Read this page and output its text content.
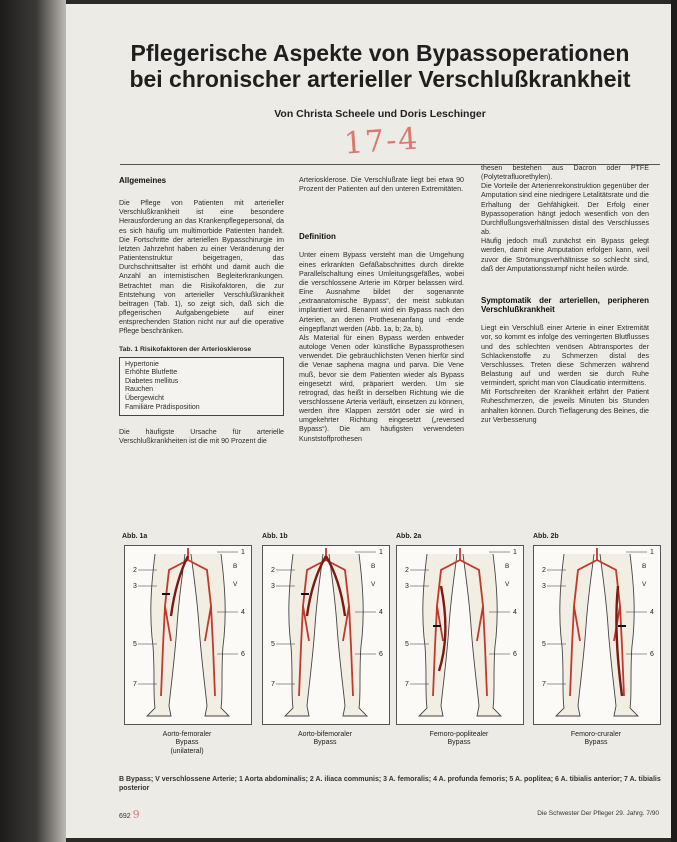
Pflegerische Aspekte von Bypassoperationen
bei chronischer arterieller Verschlußkrankheit
Von Christa Scheele und Doris Leschinger
17-4

Allgemeines

Die Pflege von Patienten mit arterieller Verschlußkrankheit ist eine besondere Herausforderung an das Krankenpflegepersonal, da es sich häufig um multimorbide Patienten handelt. Die Fortschritte der arteriellen Bypasschirurgie im letzten Jahrzehnt haben zu einer Veränderung der Patientenstruktur beigetragen, das Durchschnittsalter ist erhöht und damit auch die Anzahl an internistischen Begleiterkrankungen. Betrachtet man die Risikofaktoren, die zur Entstehung von arterieller Verschlußkrankheit beitragen (Tab. 1), so zeigt sich, daß sich die pflegerischen Aufgabengebiete auf einer entsprechenden Station nicht nur auf die operative Pflege beschränken.

Tab. 1 Risikofaktoren der Arteriosklerose
Hypertonie
Erhöhte Blutfette
Diabetes mellitus
Rauchen
Übergewicht
Familiäre Prädisposition

Die häufigste Ursache für arterielle Verschlußkrankheiten ist die mit 90 Prozent die

Arteriosklerose. Die Verschlußrate liegt bei etwa 90 Prozent der Patienten auf den unteren Extremitäten.

Definition

Unter einem Bypass versteht man die Umgehung eines erkrankten Gefäßabschnittes durch direkte Parallelschaltung eines Umleitungsgefäßes, wobei die verschlossene Arterie im Körper belassen wird. Eine Ausnahme bildet der sogenannte „extraanatomische Bypass“, der meist subkutan implantiert wird. Benannt wird ein Bypass nach den Arterien, an denen Prothesenanfang und -ende eingepflanzt werden (Abb. 1a, b; 2a, b).

Als Material für einen Bypass werden entweder autologe Venen oder künstliche Bypassprothesen verwendet. Die gebräuchlichsten Venen hierfür sind die Venae saphena magna und parva. Die Vene muß, bevor sie dem Patienten wieder als Bypass eingesetzt wird, präpariert werden. Um sie retrograd, das heißt in derselben Richtung wie die verschlossene Arteria verläuft, einsetzen zu können, werden ihre Klappen zerstört oder sie wird in umgekehrter Richtung eingesetzt („reversed Bypass“). Die am häufigsten verwendeten Kunststoffprothesen

thesen bestehen aus Dacron oder PTFE (Polytetrafluorethylen).

Die Vorteile der Arterienrekonstruktion gegenüber der Amputation sind eine niedrigere Letalitätsrate und die Erhaltung der Gehfähigkeit. Der Erfolg einer Bypassoperation hängt jedoch wesentlich von den Durchflußungsverhältnissen distal des Verschlusses ab.

Häufig jedoch muß zunächst ein Bypass gelegt werden, damit eine Amputation erfolgen kann, weil zuvor die Strömungsverhältnisse so schlecht sind, daß der Amputationsstumpf nicht heilen würde.

Symptomatik der arteriellen, peripheren Verschlußkrankheit

Liegt ein Verschluß einer Arterie in einer Extremität vor, so kommt es infolge des verringerten Blutflusses und des schlechten venösen Abtransportes der Schlackenstoffe zu Schmerzen distal des Verschlusses. Treten diese Schmerzen während Belastung auf und werden sie durch Ruhe vermindert, spricht man von Claudicatio intermittens.

Mit Fortschreiten der Krankheit erfährt der Patient Ruheschmerzen, die jeweils Minuten bis Stunden anhalten können. Durch Tieflagerung des Beines, die zur Verbesserung

Abb. 1a	Abb. 1b	Abb. 2a	Abb. 2b
1
2
3
4
5
6
7
B
V
1
2
3
4
5
6
7
B
V
1
2
3
4
5
6
7
B
V
1
2
3
4
5
6
7
B
V
Aorto-femoraler
Bypass
(unilateral)
Aorto-bifemoraler
Bypass
Femoro-poplitealer
Bypass
Femoro-cruraler
Bypass
B Bypass; V verschlossene Arterie; 1 Aorta abdominalis; 2 A. iliaca communis; 3 A. femoralis; 4 A. profunda femoris; 5 A. poplitea; 6 A. tibialis anterior; 7 A. tibialis posterior
692 9	Die Schwester Der Pfleger 29. Jahrg. 7/90
